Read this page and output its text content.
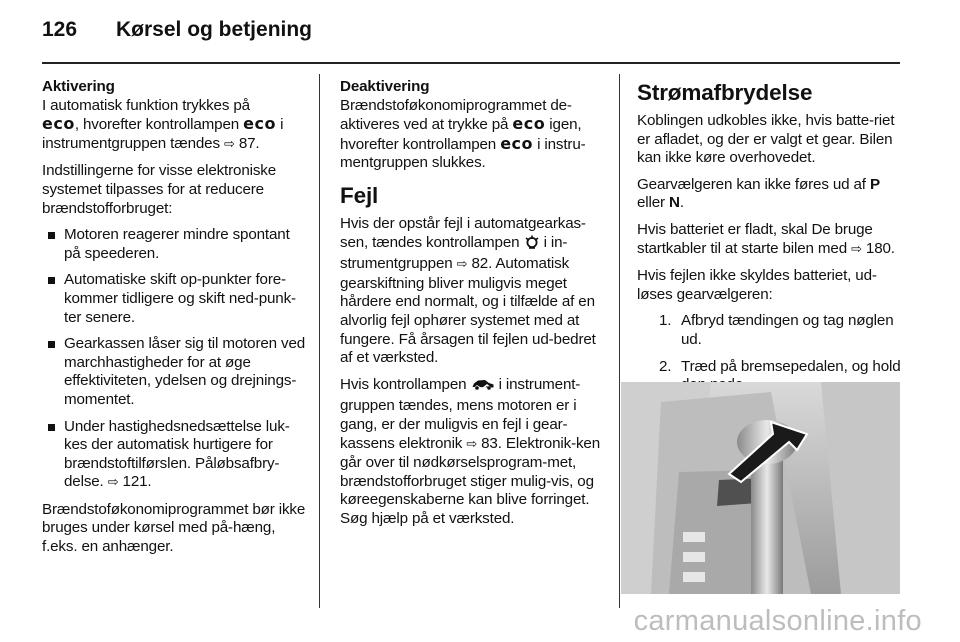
126	Kørsel og betjening
Aktivering

I automatisk funktion trykkes på
eco, hvorefter kontrollampen eco i instrumentgruppen tændes ⇨ 87.

Indstillingerne for visse elektroniske systemet tilpasses for at reducere brændstofforbruget:

Motoren reagerer mindre spontant på speederen.
Automatiske skift op-punkter fore-kommer tidligere og skift ned-punk-ter senere.
Gearkassen låser sig til motoren ved marchhastigheder for at øge effektiviteten, ydelsen og drejnings-momentet.
Under hastighedsnedsættelse luk-kes der automatisk hurtigere for brændstoftilførslen. Påløbsafbry-delse. ⇨ 121.

Brændstoføkonomiprogrammet bør ikke bruges under kørsel med på-hæng, f.eks. en anhænger.

Deaktivering

Brændstoføkonomiprogrammet de-aktiveres ved at trykke på eco igen, hvorefter kontrollampen eco i instru-mentgruppen slukkes.

Fejl

Hvis der opstår fejl i automatgearkas-sen, tændes kontrollampen i in-strumentgruppen ⇨ 82. Automatisk gearskiftning bliver muligvis meget hårdere end normalt, og i tilfælde af en alvorlig fejl ophører systemet med at fungere. Få årsagen til fejlen ud-bedret af et værksted.

Hvis kontrollampen i instrument-gruppen tændes, mens motoren er i gang, er der muligvis en fejl i gear-kassens elektronik ⇨ 83. Elektronik-ken går over til nødkørselsprogram-met, brændstofforbruget stiger mulig-vis, og køreegenskaberne kan blive forringet. Søg hjælp på et værksted.

Strømafbrydelse

Koblingen udkobles ikke, hvis batte-riet er afladet, og der er valgt et gear. Bilen kan ikke køre overhovedet.

Gearvælgeren kan ikke føres ud af P eller N.

Hvis batteriet er fladt, skal De bruge startkabler til at starte bilen med ⇨ 180.

Hvis fejlen ikke skyldes batteriet, ud-løses gearvælgeren:

1. Afbryd tændingen og tag nøglen ud.
2. Træd på bremsepedalen, og hold
carmanualsonline.info
